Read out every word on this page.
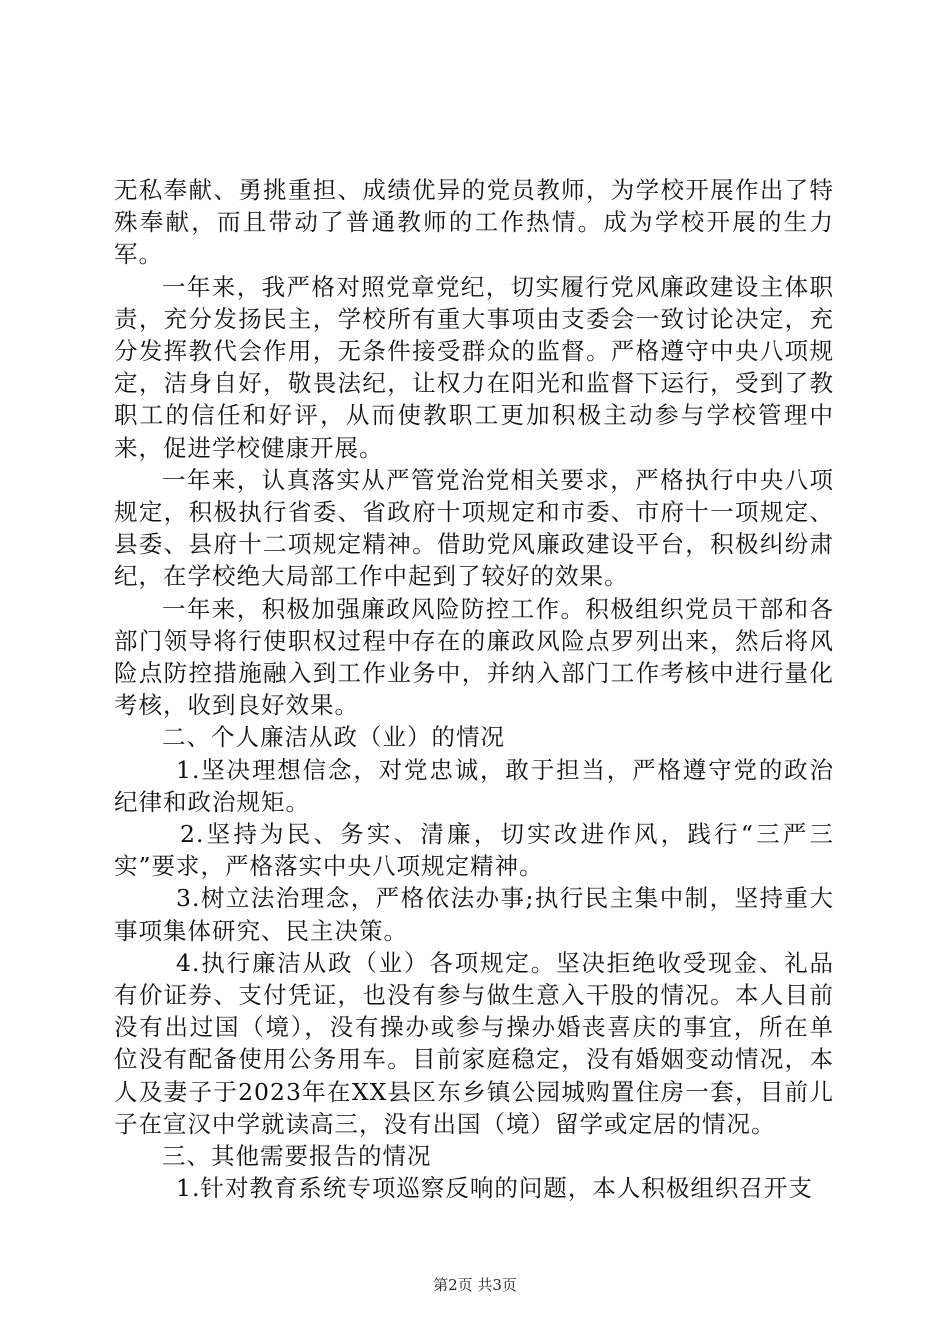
无私奉献、勇挑重担、成绩优异的党员教师，为学校开展作出了特殊奉献，而且带动了普通教师的工作热情。成为学校开展的生力军。

一年来，我严格对照党章党纪，切实履行党风廉政建设主体职责，充分发扬民主，学校所有重大事项由支委会一致讨论决定，充分发挥教代会作用，无条件接受群众的监督。严格遵守中央八项规定，洁身自好，敬畏法纪，让权力在阳光和监督下运行，受到了教职工的信任和好评，从而使教职工更加积极主动参与学校管理中来，促进学校健康开展。

一年来，认真落实从严管党治党相关要求，严格执行中央八项规定，积极执行省委、省政府十项规定和市委、市府十一项规定、县委、县府十二项规定精神。借助党风廉政建设平台，积极纠纷肃纪，在学校绝大局部工作中起到了较好的效果。

一年来，积极加强廉政风险防控工作。积极组织党员干部和各部门领导将行使职权过程中存在的廉政风险点罗列出来，然后将风险点防控措施融入到工作业务中，并纳入部门工作考核中进行量化考核，收到良好效果。

二、个人廉洁从政（业）的情况

1.坚决理想信念，对党忠诚，敢于担当，严格遵守党的政治纪律和政治规矩。

2.坚持为民、务实、清廉，切实改进作风，践行“三严三实”要求，严格落实中央八项规定精神。

3.树立法治理念，严格依法办事;执行民主集中制，坚持重大事项集体研究、民主决策。

4.执行廉洁从政（业）各项规定。坚决拒绝收受现金、礼品有价证券、支付凭证，也没有参与做生意入干股的情况。本人目前没有出过国（境），没有操办或参与操办婚丧喜庆的事宜，所在单位没有配备使用公务用车。目前家庭稳定，没有婚姻变动情况，本人及妻子于2023年在XX县区东乡镇公园城购置住房一套，目前儿子在宣汉中学就读高三，没有出国（境）留学或定居的情况。

三、其他需要报告的情况

1.针对教育系统专项巡察反响的问题，本人积极组织召开支

第2页 共3页
